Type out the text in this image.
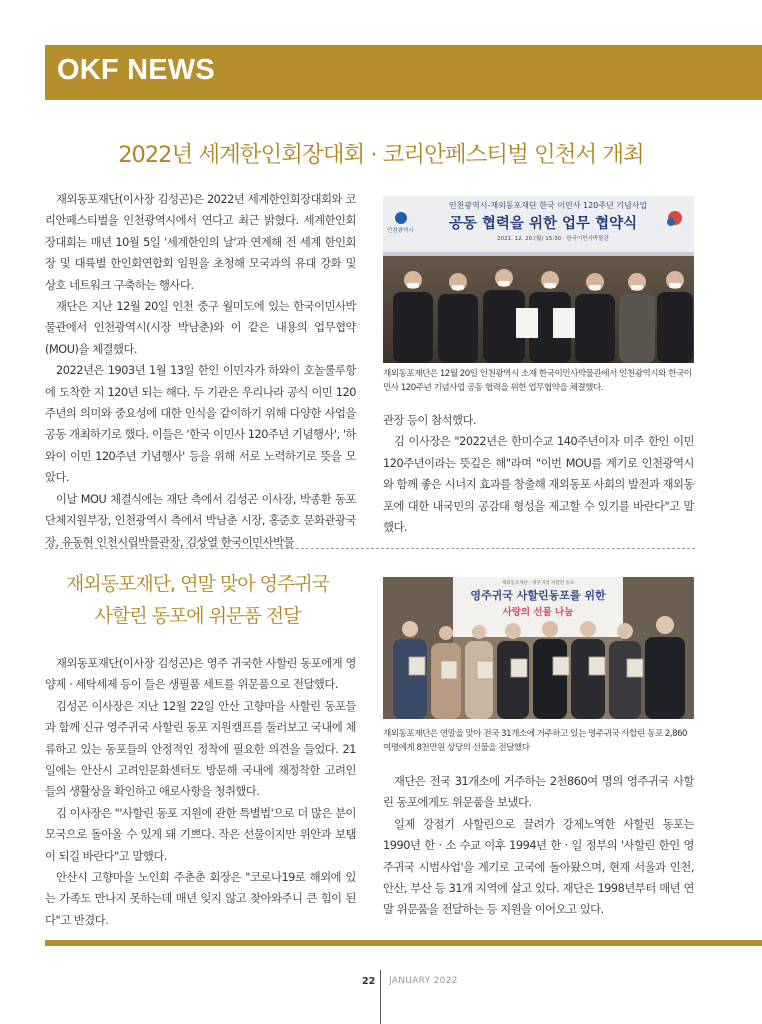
OKF NEWS
2022년 세계한인회장대회 · 코리안페스티벌 인천서 개최

재외동포재단(이사장 김성곤)은 2022년 세계한인회장대회와 코리안페스티벌을 인천광역시에서 연다고 최근 밝혔다. 세계한인회장대회는 매년 10월 5일 '세계한인의 날'과 연계해 전 세계 한인회장 및 대륙별 한인회연합회 임원을 초청해 모국과의 유대 강화 및 상호 네트워크 구축하는 행사다.

재단은 지난 12월 20일 인천 중구 월미도에 있는 한국이민사박물관에서 인천광역시(시장 박남춘)와 이 같은 내용의 업무협약(MOU)을 체결했다.

2022년은 1903년 1월 13일 한인 이민자가 하와이 호놀룰루항에 도착한 지 120년 되는 해다. 두 기관은 우리나라 공식 이민 120주년의 의미와 중요성에 대한 인식을 같이하기 위해 다양한 사업을 공동 개최하기로 했다. 이들은 '한국 이민사 120주년 기념행사', '하와이 이민 120주년 기념행사' 등을 위해 서로 노력하기로 뜻을 모았다.

이날 MOU 체결식에는 재단 측에서 김성곤 이사장, 박종환 동포단체지원부장, 인천광역시 측에서 박남춘 시장, 홍준호 문화관광국장, 유동현 인천시립박물관장, 김상열 한국이민사박물

인천광역시-재외동포재단 한국 이민사 120주년 기념사업
공동 협력을 위한 업무 협약식
2021. 12. 20.(월) 15:30 · 한국이민사박물관
인천광역시
재외동포재단은 12월 20일 인천광역시 소재 한국이민사박물관에서 인천광역시와 한국이민사 120주년 기념사업 공동 협력을 위한 업무협약을 체결했다.

관장 등이 참석했다.

김 이사장은 "2022년은 한미수교 140주년이자 미주 한인 이민 120주년이라는 뜻깊은 해"라며 "이번 MOU를 계기로 인천광역시와 함께 좋은 시너지 효과를 창출해 재외동포 사회의 발전과 재외동포에 대한 내국민의 공감대 형성을 제고할 수 있기를 바란다"고 말했다.

재외동포재단, 연말 맞아 영주귀국
사할린 동포에 위문품 전달

재외동포재단(이사장 김성곤)은 영주 귀국한 사할린 동포에게 영양제 · 세탁세제 등이 들은 생필품 세트를 위문품으로 전달했다.

김성곤 이사장은 지난 12월 22일 안산 고향마을 사할린 동포들과 함께 신규 영주귀국 사할린 동포 지원캠프를 둘러보고 국내에 체류하고 있는 동포들의 안정적인 정착에 필요한 의견을 들었다. 21일에는 안산시 고려인문화센터도 방문해 국내에 재정착한 고려인들의 생활상을 확인하고 애로사항을 청취했다.

김 이사장은 "'사할린 동포 지원에 관한 특별법'으로 더 많은 분이 모국으로 돌아올 수 있게 돼 기쁘다. 작은 선물이지만 위안과 보탬이 되길 바란다"고 말했다.

안산시 고향마을 노인회 주춘춘 회장은 "코로나19로 해외에 있는 가족도 만나지 못하는데 매년 잊지 않고 찾아와주니 큰 힘이 된다"고 반겼다.

재외동포재단 · 영주귀국 사할린 동포
영주귀국 사할린동포를 위한
사랑의 선물 나눔
재외동포재단은 연말을 맞아 전국 31개소에 거주하고 있는 영주귀국 사할린 동포 2,860여명에게 8천만원 상당의 선물을 전달했다

재단은 전국 31개소에 거주하는 2천860여 명의 영주귀국 사할린 동포에게도 위문품을 보냈다.

일제 강점기 사할린으로 끌려가 강제노역한 사할린 동포는 1990년 한 · 소 수교 이후 1994년 한 · 일 정부의 '사할린 한인 영주귀국 시범사업'을 계기로 고국에 돌아왔으며, 현재 서울과 인천, 안산, 부산 등 31개 지역에 살고 있다. 재단은 1998년부터 매년 연말 위문품을 전달하는 등 지원을 이어오고 있다.

22 JANUARY 2022
